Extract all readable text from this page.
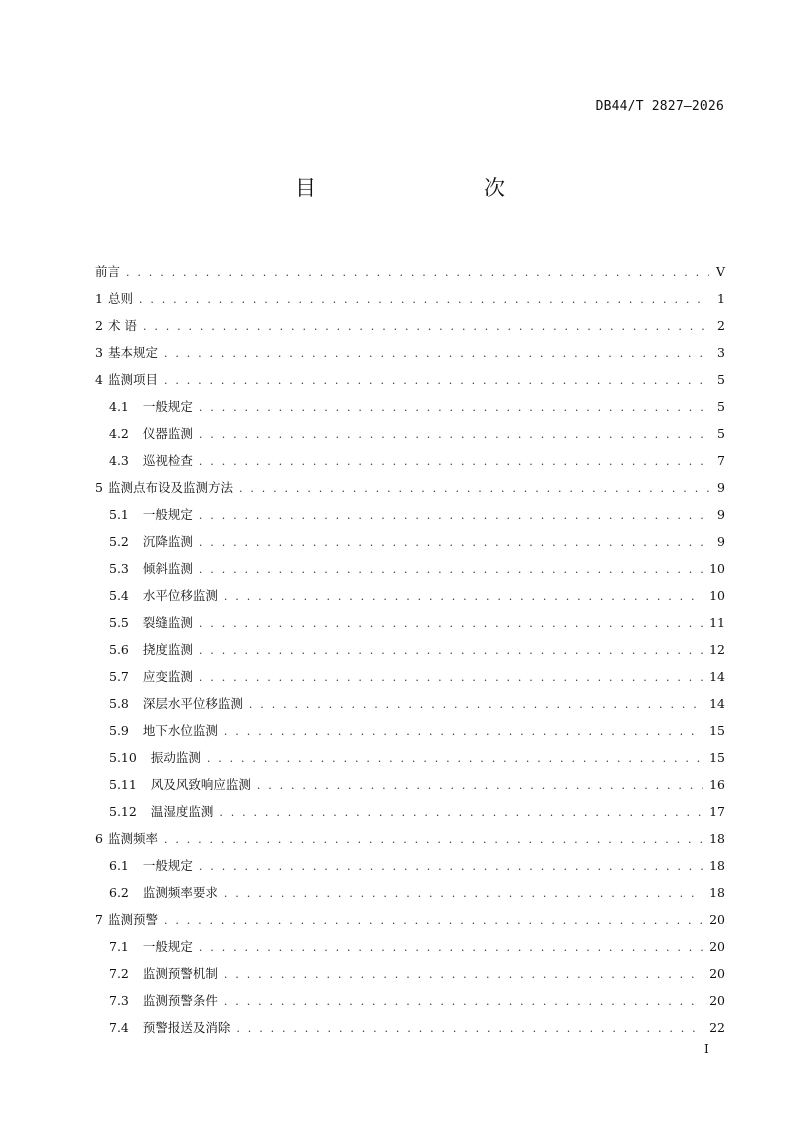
DB44/T 2827—2026
目　　次
前言 . . .	V
1 总则 . . .	1
2 术 语 . . .	2
3 基本规定 . . .	3
4 监测项目 . . .	5
4.1 一般规定 . . .	5
4.2 仪器监测 . . .	5
4.3 巡视检查 . . .	7
5 监测点布设及监测方法 . . .	9
5.1 一般规定 . . .	9
5.2 沉降监测 . . .	9
5.3 倾斜监测 . . .	10
5.4 水平位移监测 . . .	10
5.5 裂缝监测 . . .	11
5.6 挠度监测 . . .	12
5.7 应变监测 . . .	14
5.8 深层水平位移监测 . . .	14
5.9 地下水位监测 . . .	15
5.10 振动监测 . . .	15
5.11 风及风致响应监测 . . .	16
5.12 温湿度监测 . . .	17
6 监测频率 . . .	18
6.1 一般规定 . . .	18
6.2 监测频率要求 . . .	18
7 监测预警 . . .	20
7.1 一般规定 . . .	20
7.2 监测预警机制 . . .	20
7.3 监测预警条件 . . .	20
7.4 预警报送及消除 . . .	22
I
